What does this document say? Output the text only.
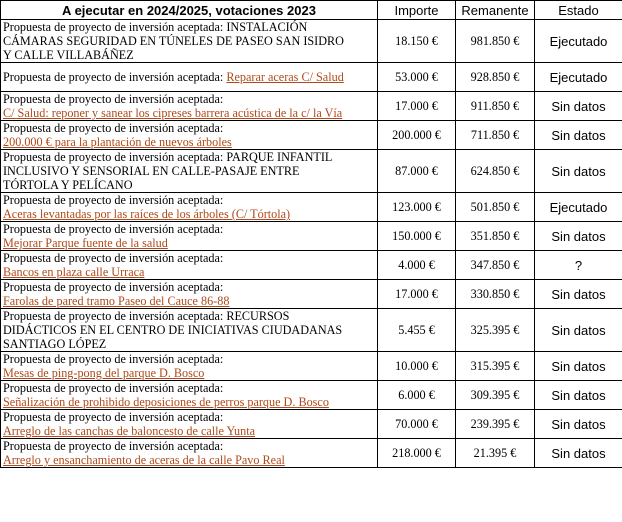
A ejecutar en 2024/2025, votaciones 2023	Importe	Remanente	Estado

Propuesta de proyecto de inversión aceptada: INSTALACIÓN
CÁMARAS SEGURIDAD EN TÚNELES DE PASEO SAN ISIDRO
Y CALLE VILLABÁÑEZ	18.150 €	981.850 €	Ejecutado
Propuesta de proyecto de inversión aceptada: Reparar aceras C/ Salud	53.000 €	928.850 €	Ejecutado

Propuesta de proyecto de inversión aceptada:
C/ Salud: reponer y sanear los cipreses barrera acústica de la c/ la Vía	17.000 €	911.850 €	Sin datos

Propuesta de proyecto de inversión aceptada:
200.000 € para la plantación de nuevos árboles	200.000 €	711.850 €	Sin datos

Propuesta de proyecto de inversión aceptada: PARQUE INFANTIL
INCLUSIVO Y SENSORIAL EN CALLE-PASAJE ENTRE
TÓRTOLA Y PELÍCANO	87.000 €	624.850 €	Sin datos

Propuesta de proyecto de inversión aceptada:
Aceras levantadas por las raíces de los árboles (C/ Tórtola)	123.000 €	501.850 €	Ejecutado

Propuesta de proyecto de inversión aceptada:
Mejorar Parque fuente de la salud	150.000 €	351.850 €	Sin datos

Propuesta de proyecto de inversión aceptada:
Bancos en plaza calle Urraca	4.000 €	347.850 €	?

Propuesta de proyecto de inversión aceptada:
Farolas de pared tramo Paseo del Cauce 86-88	17.000 €	330.850 €	Sin datos

Propuesta de proyecto de inversión aceptada: RECURSOS
DIDÁCTICOS EN EL CENTRO DE INICIATIVAS CIUDADANAS
SANTIAGO LÓPEZ	5.455 €	325.395 €	Sin datos

Propuesta de proyecto de inversión aceptada:
Mesas de ping-pong del parque D. Bosco	10.000 €	315.395 €	Sin datos

Propuesta de proyecto de inversión aceptada:
Señalización de prohibido deposiciones de perros parque D. Bosco	6.000 €	309.395 €	Sin datos

Propuesta de proyecto de inversión aceptada:
Arreglo de las canchas de baloncesto de calle Yunta	70.000 €	239.395 €	Sin datos

Propuesta de proyecto de inversión aceptada:
Arreglo y ensanchamiento de aceras de la calle Pavo Real	218.000 €	21.395 €	Sin datos
